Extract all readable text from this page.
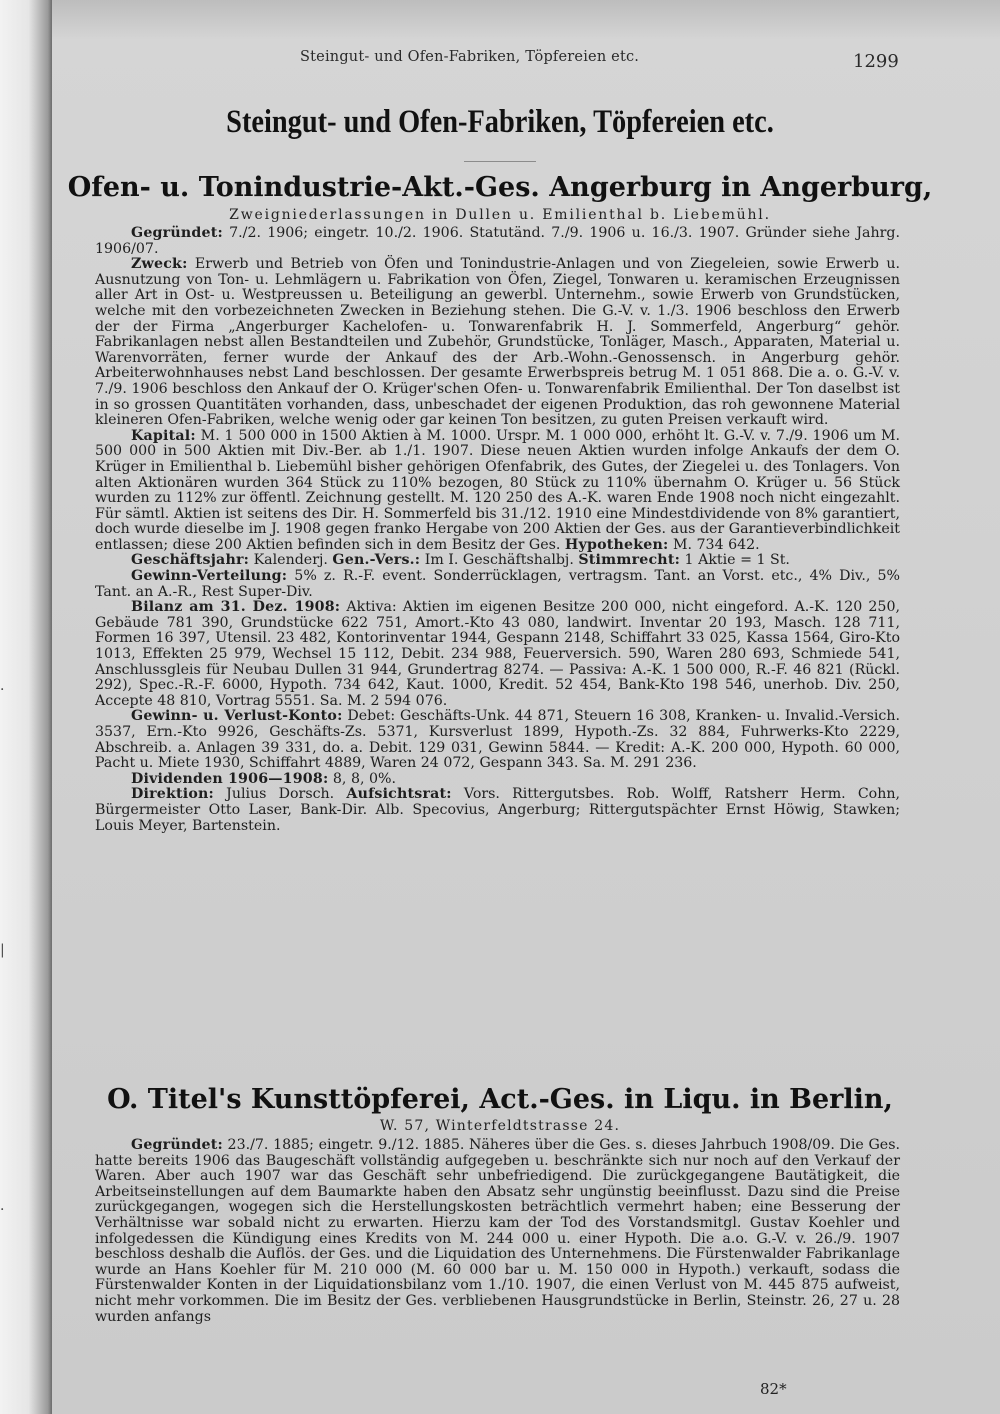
·
|
·
Steingut- und Ofen-Fabriken, Töpfereien etc.	1299
Steingut- und Ofen-Fabriken, Töpfereien etc.
Ofen- u. Tonindustrie-Akt.-Ges. Angerburg in Angerburg,
Zweigniederlassungen in Dullen u. Emilienthal b. Liebemühl.

Gegründet: 7./2. 1906; eingetr. 10./2. 1906. Statutänd. 7./9. 1906 u. 16./3. 1907. Gründer siehe Jahrg. 1906/07.

Zweck: Erwerb und Betrieb von Öfen und Tonindustrie-Anlagen und von Ziegeleien, sowie Erwerb u. Ausnutzung von Ton- u. Lehmlägern u. Fabrikation von Öfen, Ziegel, Tonwaren u. keramischen Erzeugnissen aller Art in Ost- u. Westpreussen u. Beteiligung an gewerbl. Unternehm., sowie Erwerb von Grundstücken, welche mit den vorbezeichneten Zwecken in Beziehung stehen. Die G.-V. v. 1./3. 1906 beschloss den Erwerb der der Firma „Angerburger Kachelofen- u. Tonwarenfabrik H. J. Sommerfeld, Angerburg“ gehör. Fabrikanlagen nebst allen Bestandteilen und Zubehör, Grundstücke, Tonläger, Masch., Apparaten, Material u. Warenvorräten, ferner wurde der Ankauf des der Arb.-Wohn.-Genossensch. in Angerburg gehör. Arbeiterwohnhauses nebst Land beschlossen. Der gesamte Erwerbspreis betrug M. 1 051 868. Die a. o. G.-V. v. 7./9. 1906 beschloss den Ankauf der O. Krüger'schen Ofen- u. Tonwarenfabrik Emilienthal. Der Ton daselbst ist in so grossen Quantitäten vorhanden, dass, unbeschadet der eigenen Produktion, das roh gewonnene Material kleineren Ofen-Fabriken, welche wenig oder gar keinen Ton besitzen, zu guten Preisen verkauft wird.

Kapital: M. 1 500 000 in 1500 Aktien à M. 1000. Urspr. M. 1 000 000, erhöht lt. G.-V. v. 7./9. 1906 um M. 500 000 in 500 Aktien mit Div.-Ber. ab 1./1. 1907. Diese neuen Aktien wurden infolge Ankaufs der dem O. Krüger in Emilienthal b. Liebemühl bisher gehörigen Ofenfabrik, des Gutes, der Ziegelei u. des Tonlagers. Von alten Aktionären wurden 364 Stück zu 110% bezogen, 80 Stück zu 110% übernahm O. Krüger u. 56 Stück wurden zu 112% zur öffentl. Zeichnung gestellt. M. 120 250 des A.-K. waren Ende 1908 noch nicht eingezahlt. Für sämtl. Aktien ist seitens des Dir. H. Sommerfeld bis 31./12. 1910 eine Mindestdividende von 8% garantiert, doch wurde dieselbe im J. 1908 gegen franko Hergabe von 200 Aktien der Ges. aus der Garantieverbindlichkeit entlassen; diese 200 Aktien befinden sich in dem Besitz der Ges. Hypotheken: M. 734 642.

Geschäftsjahr: Kalenderj. Gen.-Vers.: Im I. Geschäftshalbj. Stimmrecht: 1 Aktie = 1 St.

Gewinn-Verteilung: 5% z. R.-F. event. Sonderrücklagen, vertragsm. Tant. an Vorst. etc., 4% Div., 5% Tant. an A.-R., Rest Super-Div.

Bilanz am 31. Dez. 1908: Aktiva: Aktien im eigenen Besitze 200 000, nicht eingeford. A.-K. 120 250, Gebäude 781 390, Grundstücke 622 751, Amort.-Kto 43 080, landwirt. Inventar 20 193, Masch. 128 711, Formen 16 397, Utensil. 23 482, Kontorinventar 1944, Gespann 2148, Schiffahrt 33 025, Kassa 1564, Giro-Kto 1013, Effekten 25 979, Wechsel 15 112, Debit. 234 988, Feuerversich. 590, Waren 280 693, Schmiede 541, Anschlussgleis für Neubau Dullen 31 944, Grundertrag 8274. — Passiva: A.-K. 1 500 000, R.-F. 46 821 (Rückl. 292), Spec.-R.-F. 6000, Hypoth. 734 642, Kaut. 1000, Kredit. 52 454, Bank-Kto 198 546, unerhob. Div. 250, Accepte 48 810, Vortrag 5551. Sa. M. 2 594 076.

Gewinn- u. Verlust-Konto: Debet: Geschäfts-Unk. 44 871, Steuern 16 308, Kranken- u. Invalid.-Versich. 3537, Ern.-Kto 9926, Geschäfts-Zs. 5371, Kursverlust 1899, Hypoth.-Zs. 32 884, Fuhrwerks-Kto 2229, Abschreib. a. Anlagen 39 331, do. a. Debit. 129 031, Gewinn 5844. — Kredit: A.-K. 200 000, Hypoth. 60 000, Pacht u. Miete 1930, Schiffahrt 4889, Waren 24 072, Gespann 343. Sa. M. 291 236.

Dividenden 1906—1908: 8, 8, 0%.

Direktion: Julius Dorsch. Aufsichtsrat: Vors. Rittergutsbes. Rob. Wolff, Ratsherr Herm. Cohn, Bürgermeister Otto Laser, Bank-Dir. Alb. Specovius, Angerburg; Rittergutspächter Ernst Höwig, Stawken; Louis Meyer, Bartenstein.

O. Titel's Kunsttöpferei, Act.-Ges. in Liqu. in Berlin,
W. 57, Winterfeldtstrasse 24.

Gegründet: 23./7. 1885; eingetr. 9./12. 1885. Näheres über die Ges. s. dieses Jahrbuch 1908/09. Die Ges. hatte bereits 1906 das Baugeschäft vollständig aufgegeben u. beschränkte sich nur noch auf den Verkauf der Waren. Aber auch 1907 war das Geschäft sehr unbefriedigend. Die zurückgegangene Bautätigkeit, die Arbeitseinstellungen auf dem Baumarkte haben den Absatz sehr ungünstig beeinflusst. Dazu sind die Preise zurückgegangen, wogegen sich die Herstellungskosten beträchtlich vermehrt haben; eine Besserung der Verhältnisse war sobald nicht zu erwarten. Hierzu kam der Tod des Vorstandsmitgl. Gustav Koehler und infolgedessen die Kündigung eines Kredits von M. 244 000 u. einer Hypoth. Die a.o. G.-V. v. 26./9. 1907 beschloss deshalb die Auflös. der Ges. und die Liquidation des Unternehmens. Die Fürstenwalder Fabrikanlage wurde an Hans Koehler für M. 210 000 (M. 60 000 bar u. M. 150 000 in Hypoth.) verkauft, sodass die Fürstenwalder Konten in der Liquidationsbilanz vom 1./10. 1907, die einen Verlust von M. 445 875 aufweist, nicht mehr vorkommen. Die im Besitz der Ges. verbliebenen Hausgrundstücke in Berlin, Steinstr. 26, 27 u. 28 wurden anfangs

82*
